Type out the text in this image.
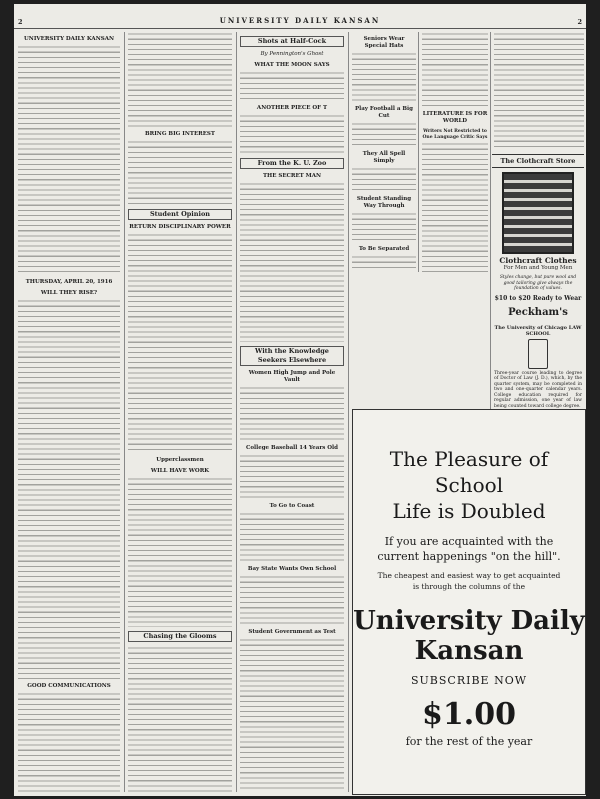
2	UNIVERSITY DAILY KANSAN	2
UNIVERSITY DAILY KANSAN
THURSDAY, APRIL 20, 1916
WILL THEY RISE?
GOOD COMMUNICATIONS
BRING BIG INTEREST
Student Opinion
RETURN DISCIPLINARY POWER
Upperclassmen
WILL HAVE WORK
Chasing the Glooms
Shots at Half-Cock
By Pennington's Ghost
WHAT THE MOON SAYS
ANOTHER PIECE OF T
From the K. U. Zoo
THE SECRET MAN
With the Knowledge Seekers Elsewhere
Women High Jump and Pole Vault
College Baseball 14 Years Old
To Go to Coast
Bay State Wants Own School
Student Government as Test
Seniors Wear Special Hats
Play Football a Big Cut
They All Spell Simply
Student Standing Way Through
To Be Separated
LITERATURE IS FOR WORLD
Writers Not Restricted to One Language Critic Says
The Clothcraft Store
Clothcraft Clothes
For Men and Young Men
Styles change, but pure wool and good tailoring give always the foundation of values.
$10 to $20 Ready to Wear
Peckham's
The University of Chicago LAW SCHOOL
Three-year course leading to degree of Doctor of Law (J. D.), which, by the quarter system, may be completed in two and one-quarter calendar years. College education required for regular admission, one year of law being counted toward college degree.
The Pleasure of School
Life is Doubled
If you are acquainted with the current happenings "on the hill".
The cheapest and easiest way to get acquainted is through the columns of the
University Daily
Kansan
SUBSCRIBE NOW
$1.00
for the rest of the year
